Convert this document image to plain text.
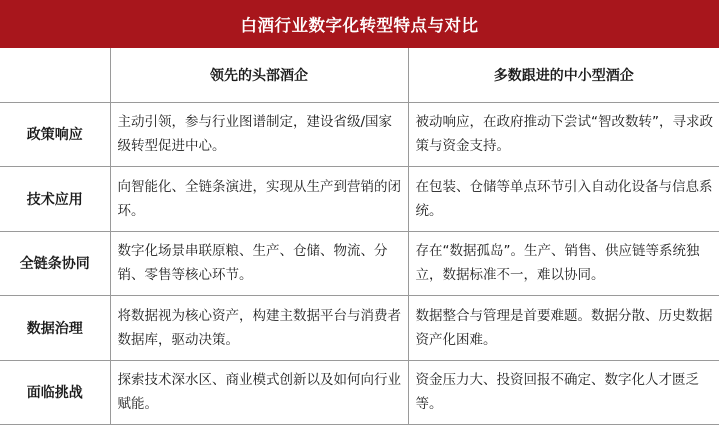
白酒行业数字化转型特点与对比
	领先的头部酒企	多数跟进的中小型酒企
政策响应	主动引领，参与行业图谱制定，建设省级/国家级转型促进中心。	被动响应，在政府推动下尝试“智改数转”，寻求政策与资金支持。
技术应用	向智能化、全链条演进，实现从生产到营销的闭环。	在包装、仓储等单点环节引入自动化设备与信息系统。
全链条协同	数字化场景串联原粮、生产、仓储、物流、分销、零售等核心环节。	存在“数据孤岛”。生产、销售、供应链等系统独立，数据标准不一，难以协同。
数据治理	将数据视为核心资产，构建主数据平台与消费者数据库，驱动决策。	数据整合与管理是首要难题。数据分散、历史数据资产化困难。
面临挑战	探索技术深水区、商业模式创新以及如何向行业赋能。	资金压力大、投资回报不确定、数字化人才匮乏等。
